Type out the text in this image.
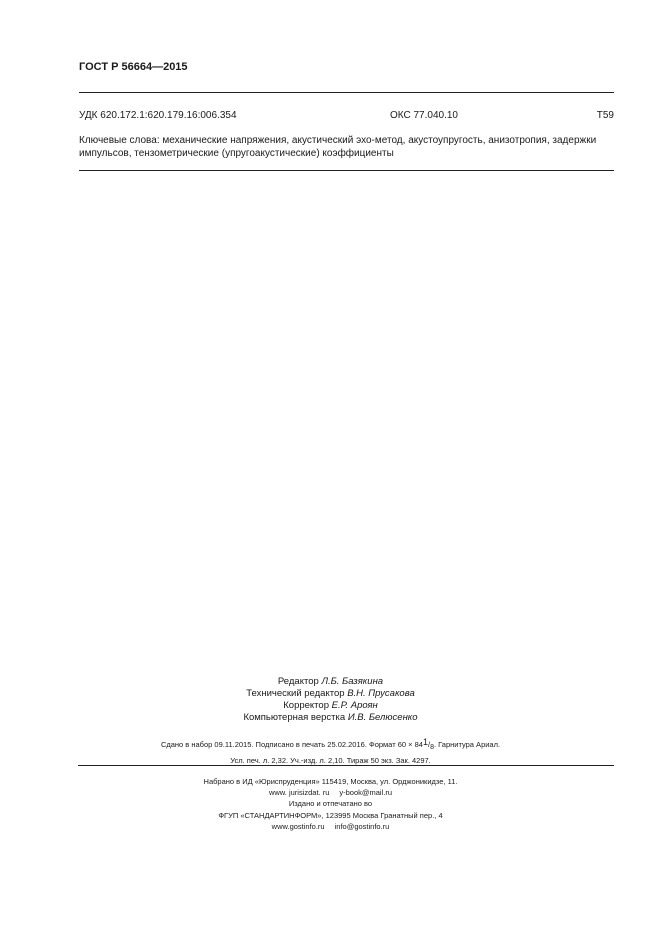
ГОСТ Р 56664—2015
УДК 620.172.1:620.179.16:006.354	ОКС 77.040.10	Т59
Ключевые слова: механические напряжения, акустический эхо-метод, акустоупругость, анизотропия, задержки импульсов, тензометрические (упругоакустические) коэффициенты
Редактор Л.Б. Базякина
Технический редактор В.Н. Прусакова
Корректор Е.Р. Ароян
Компьютерная верстка И.В. Белюсенко
Сдано в набор 09.11.2015. Подписано в печать 25.02.2016. Формат $60 \times 84^1/_8$. Гарнитура Ариал.
Усл. печ. л. 2,32. Уч.-изд. л. 2,10. Тираж 50 экз. Зак. 4297.
Набрано в ИД «Юриспруденция» 115419, Москва, ул. Орджоникидзе, 11.
www. jurisizdat. ru y-book@mail.ru
Издано и отпечатано во
ФГУП «СТАНДАРТИНФОРМ», 123995 Москва Гранатный пер., 4
www.gostinfo.ru info@gostinfo.ru
